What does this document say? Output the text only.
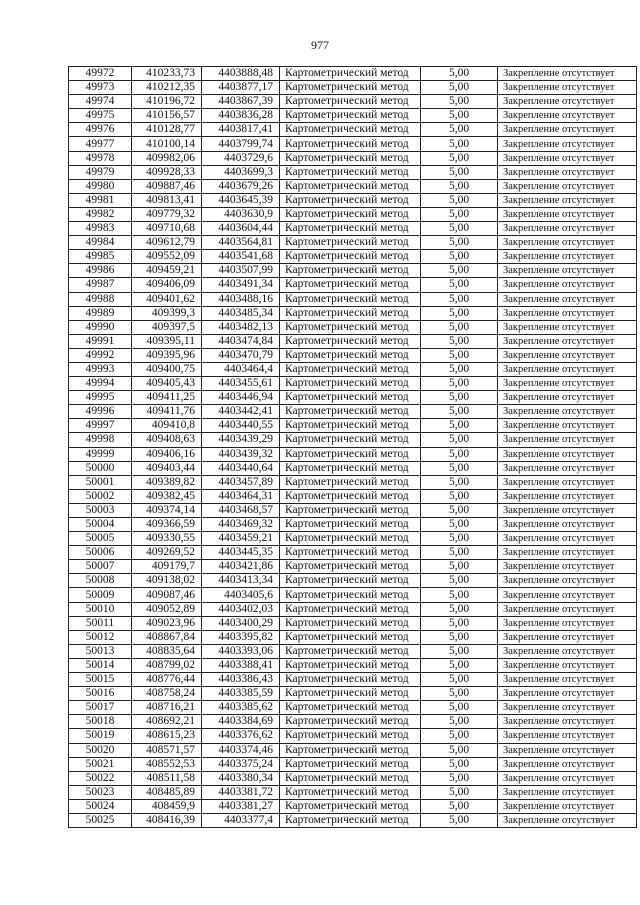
977
49972	410233,73	4403888,48	Картометрический метод	5,00	Закрепление отсутствует
49973	410212,35	4403877,17	Картометрический метод	5,00	Закрепление отсутствует
49974	410196,72	4403867,39	Картометрический метод	5,00	Закрепление отсутствует
49975	410156,57	4403836,28	Картометрический метод	5,00	Закрепление отсутствует
49976	410128,77	4403817,41	Картометрический метод	5,00	Закрепление отсутствует
49977	410100,14	4403799,74	Картометрический метод	5,00	Закрепление отсутствует
49978	409982,06	4403729,6	Картометрический метод	5,00	Закрепление отсутствует
49979	409928,33	4403699,3	Картометрический метод	5,00	Закрепление отсутствует
49980	409887,46	4403679,26	Картометрический метод	5,00	Закрепление отсутствует
49981	409813,41	4403645,39	Картометрический метод	5,00	Закрепление отсутствует
49982	409779,32	4403630,9	Картометрический метод	5,00	Закрепление отсутствует
49983	409710,68	4403604,44	Картометрический метод	5,00	Закрепление отсутствует
49984	409612,79	4403564,81	Картометрический метод	5,00	Закрепление отсутствует
49985	409552,09	4403541,68	Картометрический метод	5,00	Закрепление отсутствует
49986	409459,21	4403507,99	Картометрический метод	5,00	Закрепление отсутствует
49987	409406,09	4403491,34	Картометрический метод	5,00	Закрепление отсутствует
49988	409401,62	4403488,16	Картометрический метод	5,00	Закрепление отсутствует
49989	409399,3	4403485,34	Картометрический метод	5,00	Закрепление отсутствует
49990	409397,5	4403482,13	Картометрический метод	5,00	Закрепление отсутствует
49991	409395,11	4403474,84	Картометрический метод	5,00	Закрепление отсутствует
49992	409395,96	4403470,79	Картометрический метод	5,00	Закрепление отсутствует
49993	409400,75	4403464,4	Картометрический метод	5,00	Закрепление отсутствует
49994	409405,43	4403455,61	Картометрический метод	5,00	Закрепление отсутствует
49995	409411,25	4403446,94	Картометрический метод	5,00	Закрепление отсутствует
49996	409411,76	4403442,41	Картометрический метод	5,00	Закрепление отсутствует
49997	409410,8	4403440,55	Картометрический метод	5,00	Закрепление отсутствует
49998	409408,63	4403439,29	Картометрический метод	5,00	Закрепление отсутствует
49999	409406,16	4403439,32	Картометрический метод	5,00	Закрепление отсутствует
50000	409403,44	4403440,64	Картометрический метод	5,00	Закрепление отсутствует
50001	409389,82	4403457,89	Картометрический метод	5,00	Закрепление отсутствует
50002	409382,45	4403464,31	Картометрический метод	5,00	Закрепление отсутствует
50003	409374,14	4403468,57	Картометрический метод	5,00	Закрепление отсутствует
50004	409366,59	4403469,32	Картометрический метод	5,00	Закрепление отсутствует
50005	409330,55	4403459,21	Картометрический метод	5,00	Закрепление отсутствует
50006	409269,52	4403445,35	Картометрический метод	5,00	Закрепление отсутствует
50007	409179,7	4403421,86	Картометрический метод	5,00	Закрепление отсутствует
50008	409138,02	4403413,34	Картометрический метод	5,00	Закрепление отсутствует
50009	409087,46	4403405,6	Картометрический метод	5,00	Закрепление отсутствует
50010	409052,89	4403402,03	Картометрический метод	5,00	Закрепление отсутствует
50011	409023,96	4403400,29	Картометрический метод	5,00	Закрепление отсутствует
50012	408867,84	4403395,82	Картометрический метод	5,00	Закрепление отсутствует
50013	408835,64	4403393,06	Картометрический метод	5,00	Закрепление отсутствует
50014	408799,02	4403388,41	Картометрический метод	5,00	Закрепление отсутствует
50015	408776,44	4403386,43	Картометрический метод	5,00	Закрепление отсутствует
50016	408758,24	4403385,59	Картометрический метод	5,00	Закрепление отсутствует
50017	408716,21	4403385,62	Картометрический метод	5,00	Закрепление отсутствует
50018	408692,21	4403384,69	Картометрический метод	5,00	Закрепление отсутствует
50019	408615,23	4403376,62	Картометрический метод	5,00	Закрепление отсутствует
50020	408571,57	4403374,46	Картометрический метод	5,00	Закрепление отсутствует
50021	408552,53	4403375,24	Картометрический метод	5,00	Закрепление отсутствует
50022	408511,58	4403380,34	Картометрический метод	5,00	Закрепление отсутствует
50023	408485,89	4403381,72	Картометрический метод	5,00	Закрепление отсутствует
50024	408459,9	4403381,27	Картометрический метод	5,00	Закрепление отсутствует
50025	408416,39	4403377,4	Картометрический метод	5,00	Закрепление отсутствует
